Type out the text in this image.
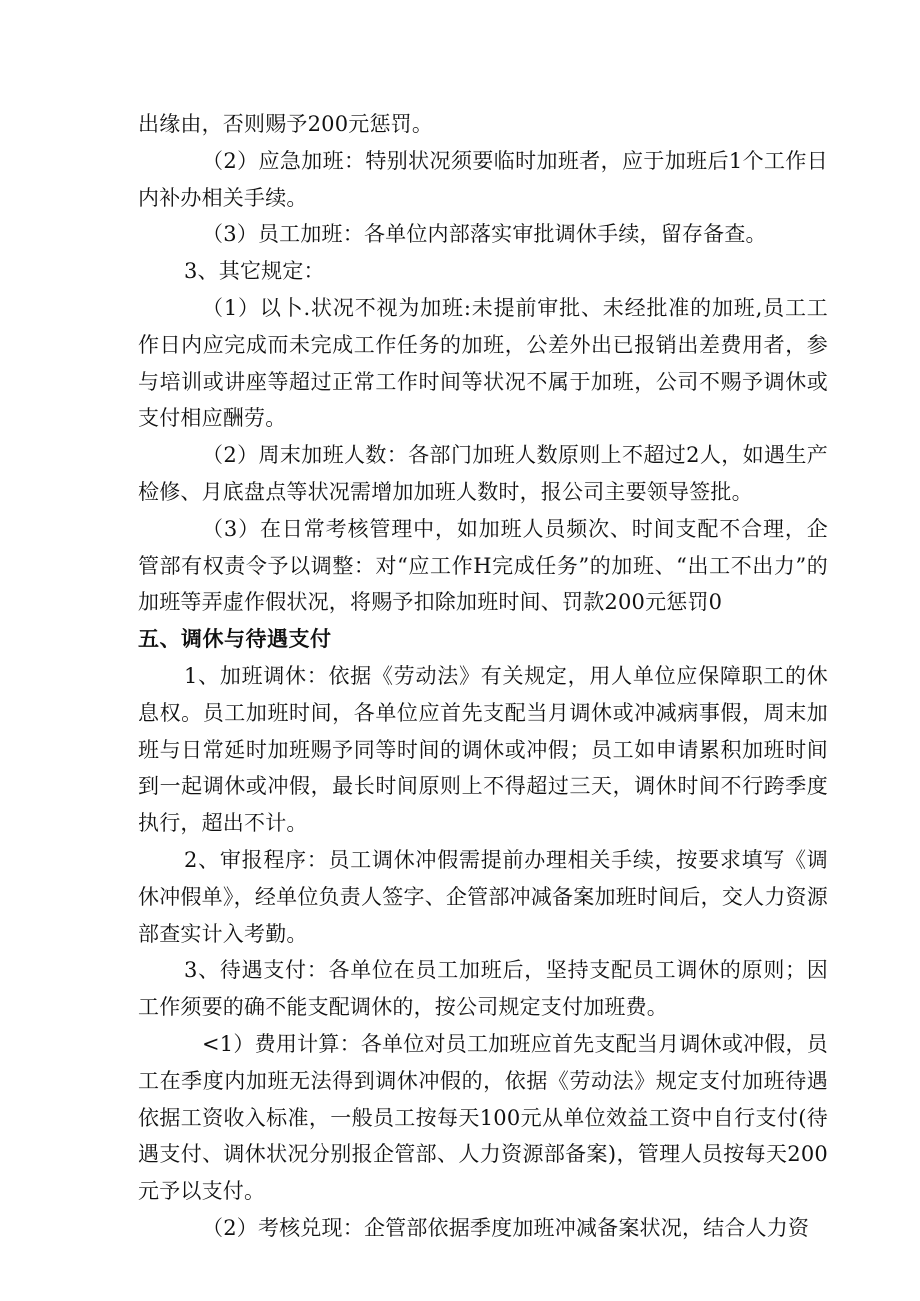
出缘由，否则赐予200元惩罚。

（2）应急加班：特别状况须要临时加班者，应于加班后1个工作日内补办相关手续。

（3）员工加班：各单位内部落实审批调休手续，留存备查。

3、其它规定：

（1）以卜.状况不视为加班:未提前审批、未经批准的加班,员工工作日内应完成而未完成工作任务的加班，公差外出已报销出差费用者，参与培训或讲座等超过正常工作时间等状况不属于加班，公司不赐予调休或支付相应酬劳。

（2）周末加班人数：各部门加班人数原则上不超过2人，如遇生产检修、月底盘点等状况需增加加班人数时，报公司主要领导签批。

（3）在日常考核管理中，如加班人员频次、时间支配不合理，企管部有权责令予以调整：对“应工作H完成任务”的加班、“出工不出力”的加班等弄虚作假状况，将赐予扣除加班时间、罚款200元惩罚0

五、调休与待遇支付

1、加班调休：依据《劳动法》有关规定，用人单位应保障职工的休息权。员工加班时间，各单位应首先支配当月调休或冲减病事假，周末加班与日常延时加班赐予同等时间的调休或冲假；员工如申请累积加班时间到一起调休或冲假，最长时间原则上不得超过三天，调休时间不行跨季度执行，超出不计。

2、审报程序：员工调休冲假需提前办理相关手续，按要求填写《调休冲假单》，经单位负责人签字、企管部冲减备案加班时间后，交人力资源部查实计入考勤。

3、待遇支付：各单位在员工加班后，坚持支配员工调休的原则；因工作须要的确不能支配调休的，按公司规定支付加班费。

<1）费用计算：各单位对员工加班应首先支配当月调休或冲假，员工在季度内加班无法得到调休冲假的，依据《劳动法》规定支付加班待遇依据工资收入标准，一般员工按每天100元从单位效益工资中自行支付(待遇支付、调休状况分别报企管部、人力资源部备案)，管理人员按每天200元予以支付。

（2）考核兑现：企管部依据季度加班冲减备案状况，结合人力资
